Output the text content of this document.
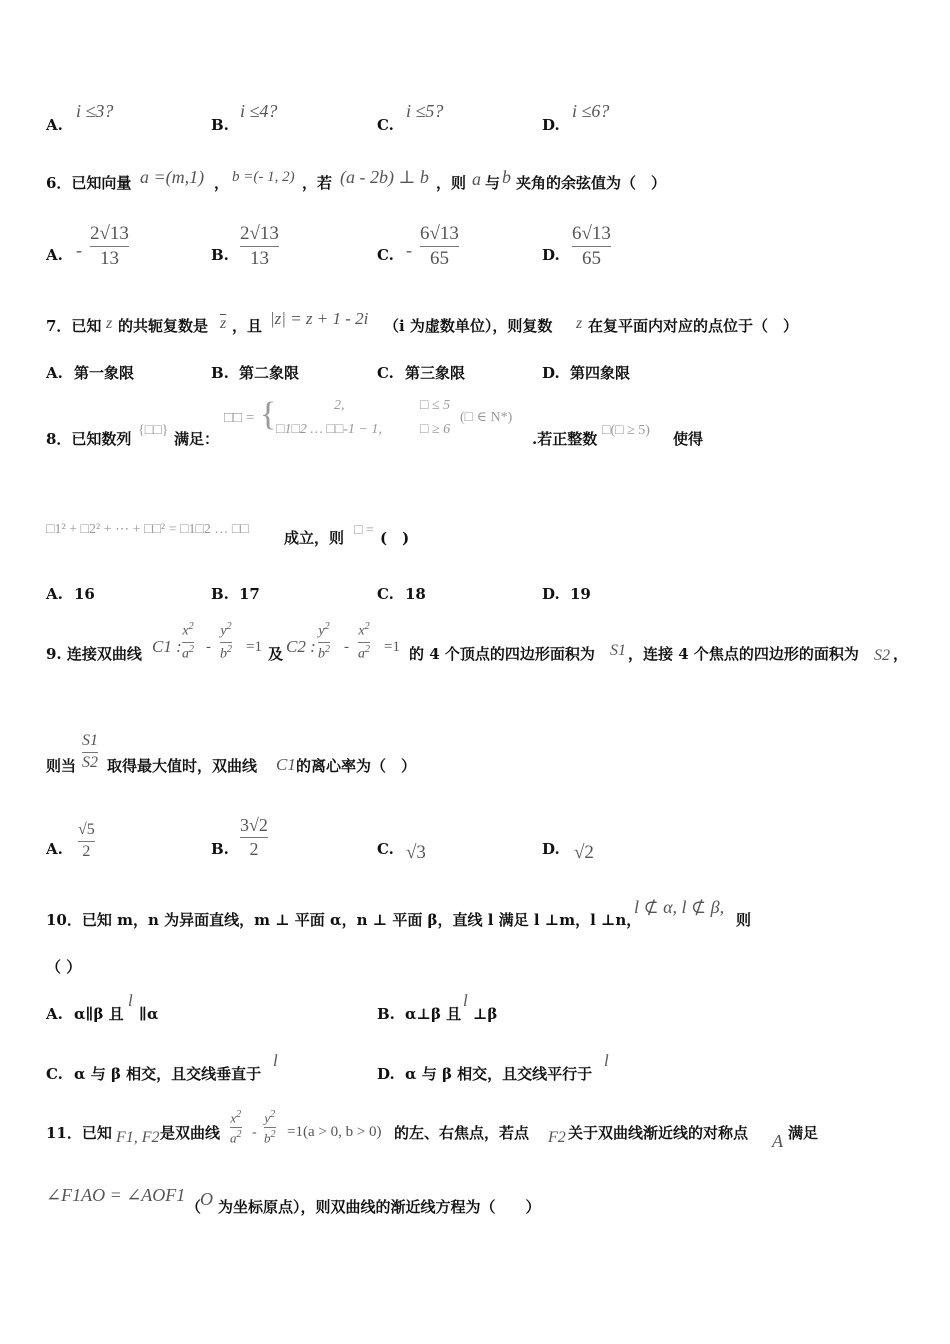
A.
i ≤3?
B.
i ≤4?
C.
i ≤5?
D.
i ≤6?
6．已知向量 a =(m,1) ， b =(- 1, 2) ，若 (a - 2b) ⊥ b ，则 a 与 b 夹角的余弦值为（　）
A. -
2√13
13	B.
2√13
13	C. -
6√13
65	D.
6√13
65
7．已知 z 的共轭复数是 $\overline{z}$ ，且 |z| = z + 1 - 2i （i 为虚数单位），则复数 z 在复平面内对应的点位于（　）
A. 第一象限	B. 第二象限	C. 第三象限	D. 第四象限
8．已知数列 {□□} 满足：
□□ = {	2,	□ ≤ 5
□1□2 … □□-1 − 1,	□ ≥ 6
(□ ∈ N*)
.若正整数 □(□ ≥ 5) 使得
□1² + □2² + ⋯ + □□² = □1□2 … □□ 成立，则 □ = (　)
A. 16	B. 17	C. 18	D. 19
9. 连接双曲线 C1 :
$x^2$
$a^2$ -
$y^2$
$b^2 =1$ 及 C2 :
$y^2$
$b^2$ -
$x^2$
$a^2 =1$ 的 4 个顶点的四边形面积为 S1 ，连接 4 个焦点的四边形的面积为 S2 ，
则当
S1
S2 取得最大值时，双曲线 C1 的离心率为（　）
A.
√5
2	B.
3√2
2	C. √3	D. √2
10．已知 m，n 为异面直线，m ⊥ 平面 α，n ⊥ 平面 β，直线 l 满足 l ⊥m，l ⊥n，
l ⊄ α, l ⊄ β,
则
（ ）
A. α∥β 且
l
∥α	B. α⊥β 且
l
⊥β
C. α 与 β 相交，且交线垂直于
l
D. α 与 β 相交，且交线平行于
l
11．已知 F1, F2 是双曲线
$x^2$
$a^2$ -
$y^2$
$b^2 =1(a > 0$, b > 0) 的左、右焦点，若点 F2 关于双曲线渐近线的对称点 A 满足
∠F1AO = ∠AOF1
（
O 为坐标原点），则双曲线的渐近线方程为（　　）
